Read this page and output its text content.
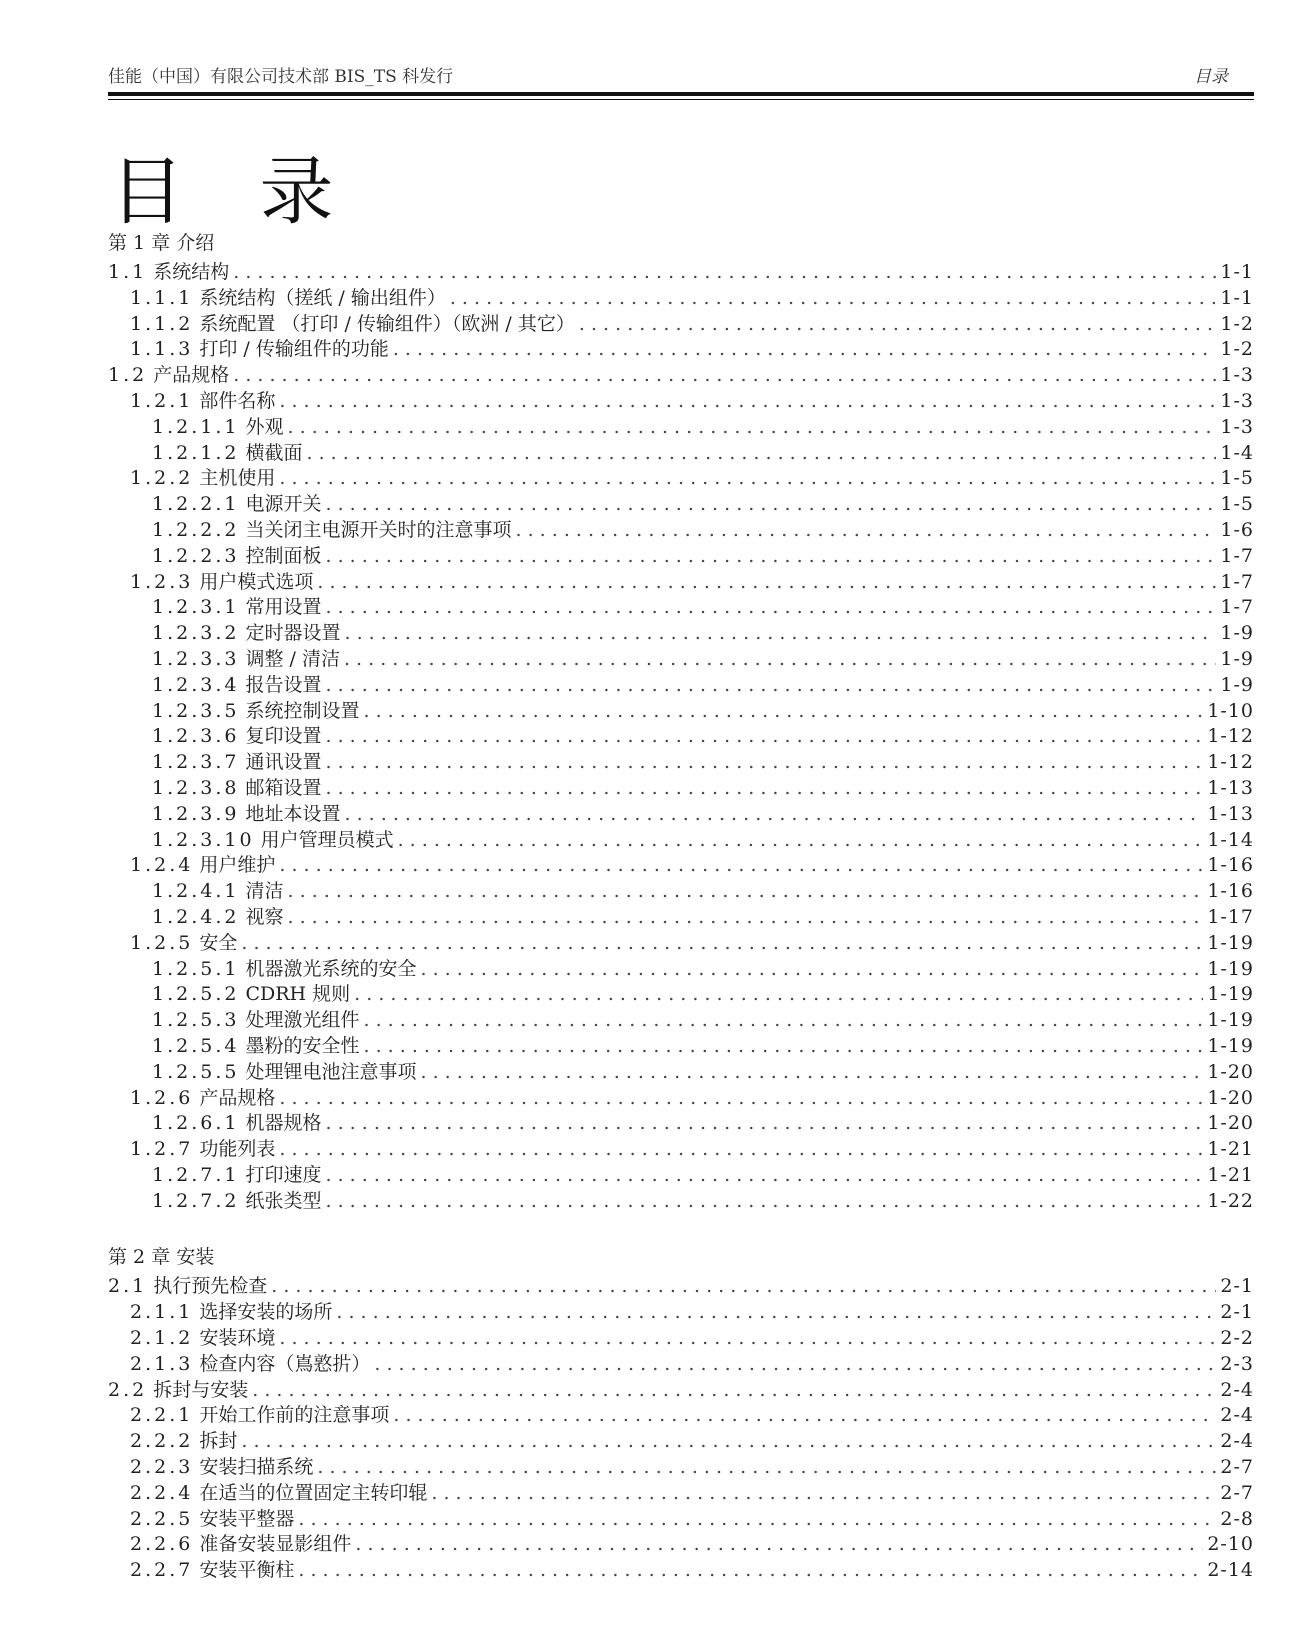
佳能（中国）有限公司技术部 BIS_TS 科发行	目录
目 录
第 1 章 介绍
1.1 系统结构 . . .	1-1
1.1.1 系统结构（搓纸 / 输出组件） . . .	1-1
1.1.2 系统配置 （打印 / 传输组件）（欧洲 / 其它） . . .	1-2
1.1.3 打印 / 传输组件的功能 . . .	1-2
1.2 产品规格 . . .	1-3
1.2.1 部件名称 . . .	1-3
1.2.1.1 外观 . . .	1-3
1.2.1.2 横截面 . . .	1-4
1.2.2 主机使用 . . .	1-5
1.2.2.1 电源开关 . . .	1-5
1.2.2.2 当关闭主电源开关时的注意事项 . . .	1-6
1.2.2.3 控制面板 . . .	1-7
1.2.3 用户模式选项 . . .	1-7
1.2.3.1 常用设置 . . .	1-7
1.2.3.2 定时器设置 . . .	1-9
1.2.3.3 调整 / 清洁 . . .	1-9
1.2.3.4 报告设置 . . .	1-9
1.2.3.5 系统控制设置 . . .	1-10
1.2.3.6 复印设置 . . .	1-12
1.2.3.7 通讯设置 . . .	1-12
1.2.3.8 邮箱设置 . . .	1-13
1.2.3.9 地址本设置 . . .	1-13
1.2.3.10 用户管理员模式 . . .	1-14
1.2.4 用户维护 . . .	1-16
1.2.4.1 清洁 . . .	1-16
1.2.4.2 视察 . . .	1-17
1.2.5 安全 . . .	1-19
1.2.5.1 机器激光系统的安全 . . .	1-19
1.2.5.2 CDRH 规则 . . .	1-19
1.2.5.3 处理激光组件 . . .	1-19
1.2.5.4 墨粉的安全性 . . .	1-19
1.2.5.5 处理锂电池注意事项 . . .	1-20
1.2.6 产品规格 . . .	1-20
1.2.6.1 机器规格 . . .	1-20
1.2.7 功能列表 . . .	1-21
1.2.7.1 打印速度 . . .	1-21
1.2.7.2 纸张类型 . . .	1-22
第 2 章 安装
2.1 执行预先检查 . . .	2-1
2.1.1 选择安装的场所 . . .	2-1
2.1.2 安装环境 . . .	2-2
2.1.3 检查内容（嶌憝扸） . . .	2-3
2.2 拆封与安装 . . .	2-4
2.2.1 开始工作前的注意事项 . . .	2-4
2.2.2 拆封 . . .	2-4
2.2.3 安装扫描系统 . . .	2-7
2.2.4 在适当的位置固定主转印辊 . . .	2-7
2.2.5 安装平整器 . . .	2-8
2.2.6 准备安装显影组件 . . .	2-10
2.2.7 安装平衡柱 . . .	2-14
